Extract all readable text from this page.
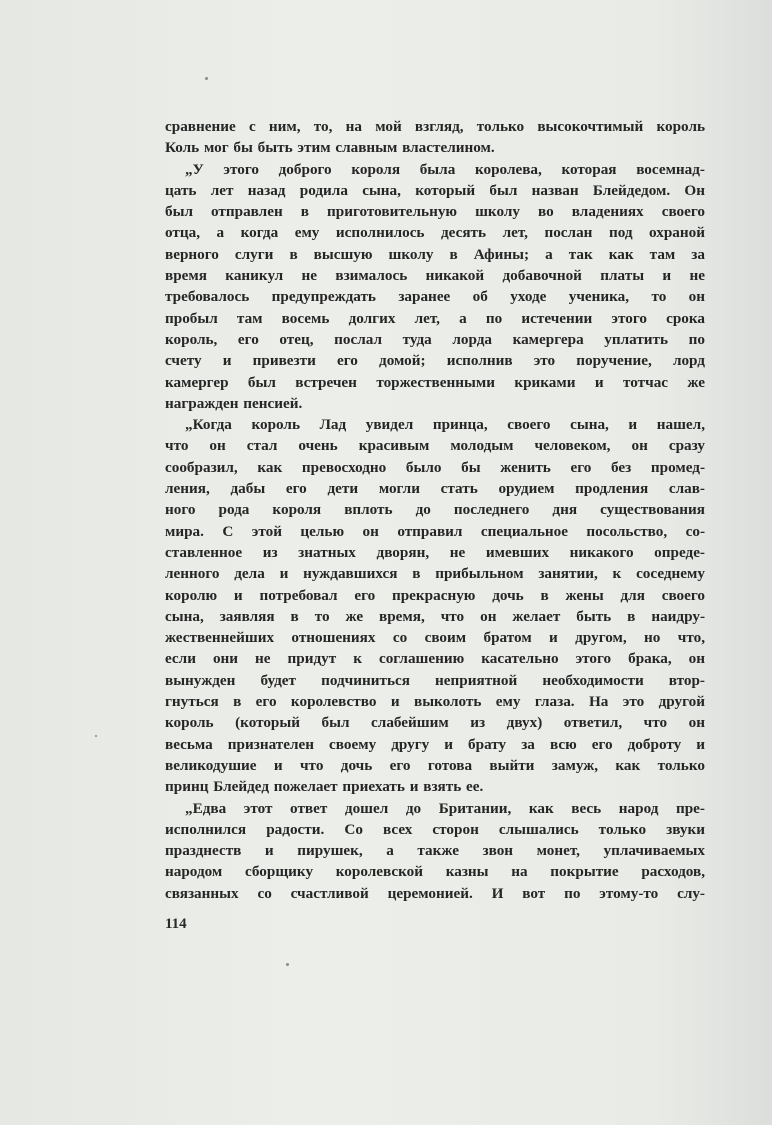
сравнение с ним, то, на мой взгляд, только высокочтимый король
Коль мог бы быть этим славным властелином.
„У этого доброго короля была королева, которая восемнад-
цать лет назад родила сына, который был назван Блейдедом. Он
был отправлен в приготовительную школу во владениях своего
отца, а когда ему исполнилось десять лет, послан под охраной
верного слуги в высшую школу в Афины; а так как там за
время каникул не взималось никакой добавочной платы и не
требовалось предупреждать заранее об уходе ученика, то он
пробыл там восемь долгих лет, а по истечении этого срока
король, его отец, послал туда лорда камергера уплатить по
счету и привезти его домой; исполнив это поручение, лорд
камергер был встречен торжественными криками и тотчас же
награжден пенсией.
„Когда король Лад увидел принца, своего сына, и нашел,
что он стал очень красивым молодым человеком, он сразу
сообразил, как превосходно было бы женить его без промед-
ления, дабы его дети могли стать орудием продления слав-
ного рода короля вплоть до последнего дня существования
мира. С этой целью он отправил специальное посольство, со-
ставленное из знатных дворян, не имевших никакого опреде-
ленного дела и нуждавшихся в прибыльном занятии, к соседнему
королю и потребовал его прекрасную дочь в жены для своего
сына, заявляя в то же время, что он желает быть в наидру-
жественнейших отношениях со своим братом и другом, но что,
если они не придут к соглашению касательно этого брака, он
вынужден будет подчиниться неприятной необходимости втор-
гнуться в его королевство и выколоть ему глаза. На это другой
король (который был слабейшим из двух) ответил, что он
весьма признателен своему другу и брату за всю его доброту и
великодушие и что дочь его готова выйти замуж, как только
принц Блейдед пожелает приехать и взять ее.
„Едва этот ответ дошел до Британии, как весь народ пре-
исполнился радости. Со всех сторон слышались только звуки
празднеств и пирушек, а также звон монет, уплачиваемых
народом сборщику королевской казны на покрытие расходов,
связанных со счастливой церемонией. И вот по этому-то слу-
114
